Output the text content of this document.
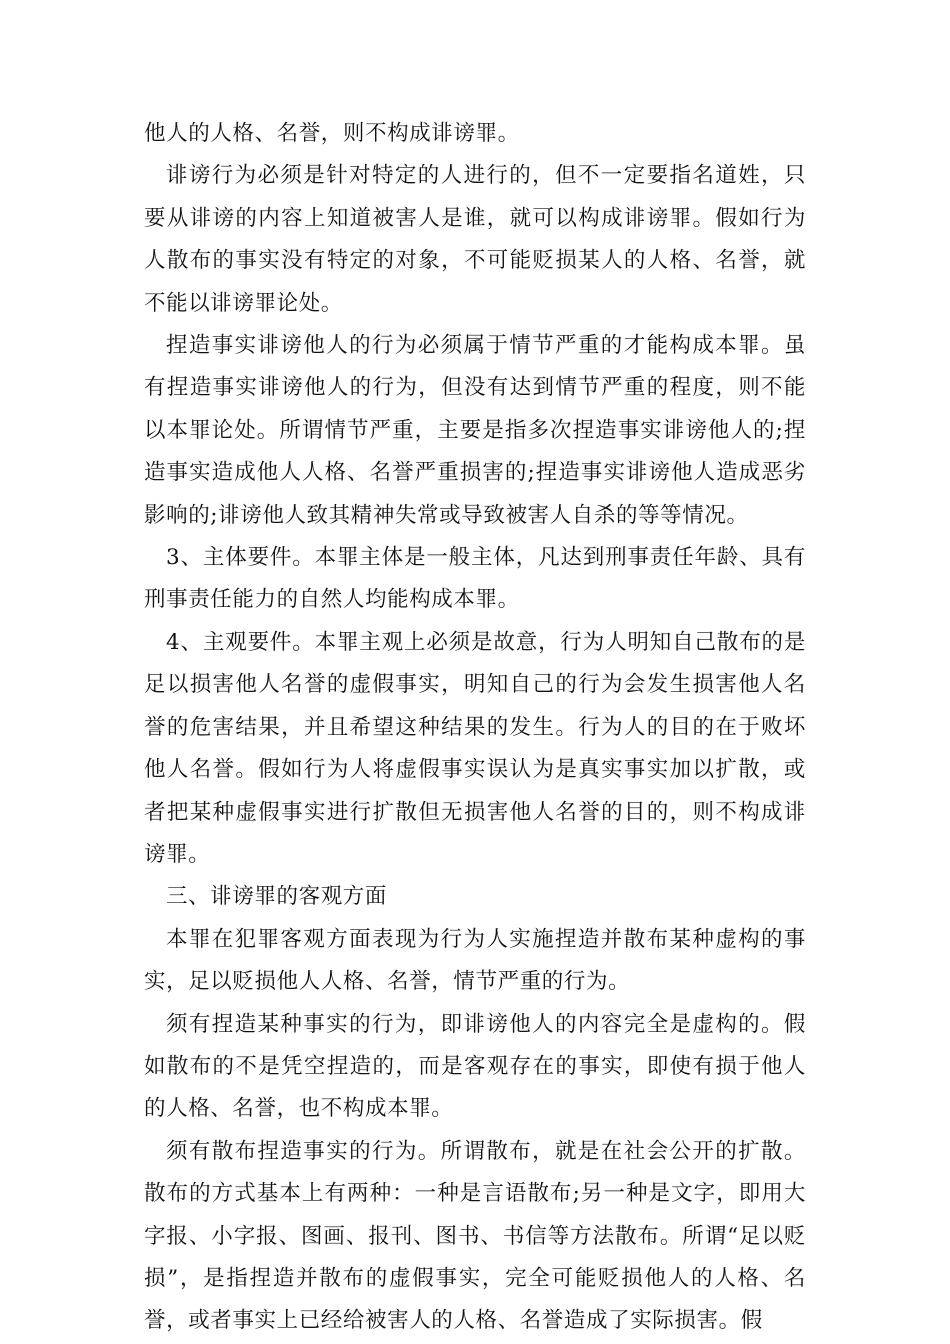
他人的人格、名誉，则不构成诽谤罪。

诽谤行为必须是针对特定的人进行的，但不一定要指名道姓，只要从诽谤的内容上知道被害人是谁，就可以构成诽谤罪。假如行为人散布的事实没有特定的对象，不可能贬损某人的人格、名誉，就不能以诽谤罪论处。

捏造事实诽谤他人的行为必须属于情节严重的才能构成本罪。虽有捏造事实诽谤他人的行为，但没有达到情节严重的程度，则不能以本罪论处。所谓情节严重，主要是指多次捏造事实诽谤他人的;捏造事实造成他人人格、名誉严重损害的;捏造事实诽谤他人造成恶劣影响的;诽谤他人致其精神失常或导致被害人自杀的等等情况。

3、主体要件。本罪主体是一般主体，凡达到刑事责任年龄、具有刑事责任能力的自然人均能构成本罪。

4、主观要件。本罪主观上必须是故意，行为人明知自己散布的是足以损害他人名誉的虚假事实，明知自己的行为会发生损害他人名誉的危害结果，并且希望这种结果的发生。行为人的目的在于败坏他人名誉。假如行为人将虚假事实误认为是真实事实加以扩散，或者把某种虚假事实进行扩散但无损害他人名誉的目的，则不构成诽谤罪。

三、诽谤罪的客观方面

本罪在犯罪客观方面表现为行为人实施捏造并散布某种虚构的事实，足以贬损他人人格、名誉，情节严重的行为。

须有捏造某种事实的行为，即诽谤他人的内容完全是虚构的。假如散布的不是凭空捏造的，而是客观存在的事实，即使有损于他人的人格、名誉，也不构成本罪。

须有散布捏造事实的行为。所谓散布，就是在社会公开的扩散。散布的方式基本上有两种：一种是言语散布;另一种是文字，即用大字报、小字报、图画、报刊、图书、书信等方法散布。所谓“足以贬损”，是指捏造并散布的虚假事实，完全可能贬损他人的人格、名誉，或者事实上已经给被害人的人格、名誉造成了实际损害。假
